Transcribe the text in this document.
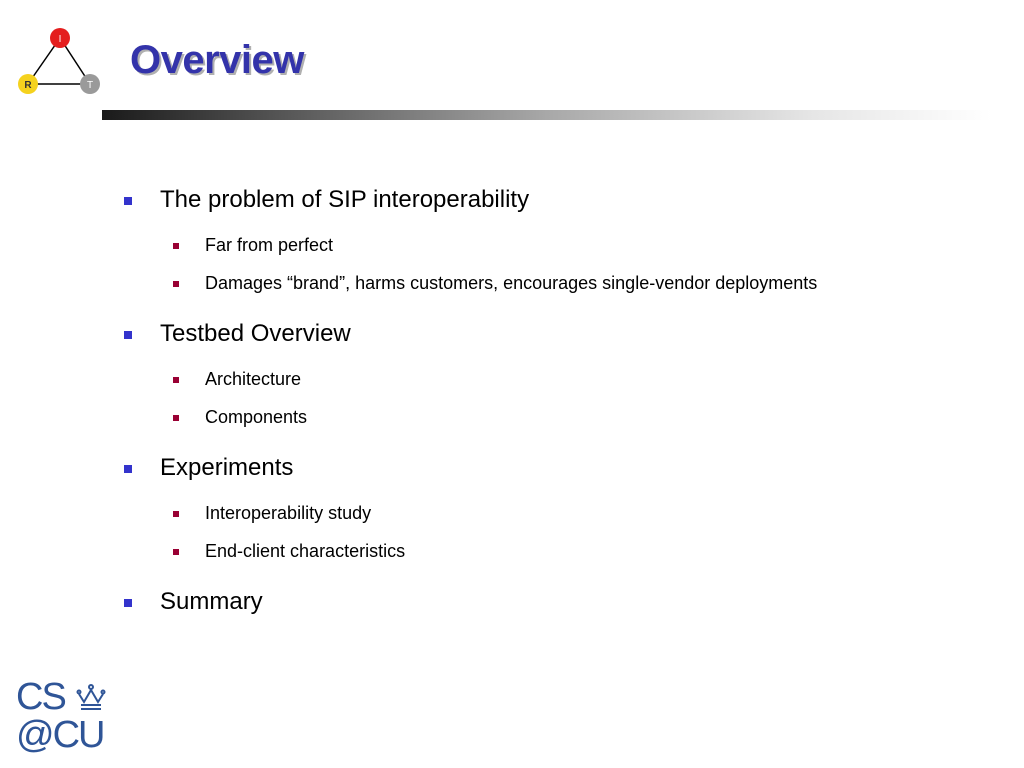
I
R	T
Overview
The problem of SIP interoperability
Far from perfect
Damages “brand”, harms customers, encourages single-vendor deployments
Testbed Overview
Architecture
Components
Experiments
Interoperability study
End-client characteristics
Summary
CS
@CU
